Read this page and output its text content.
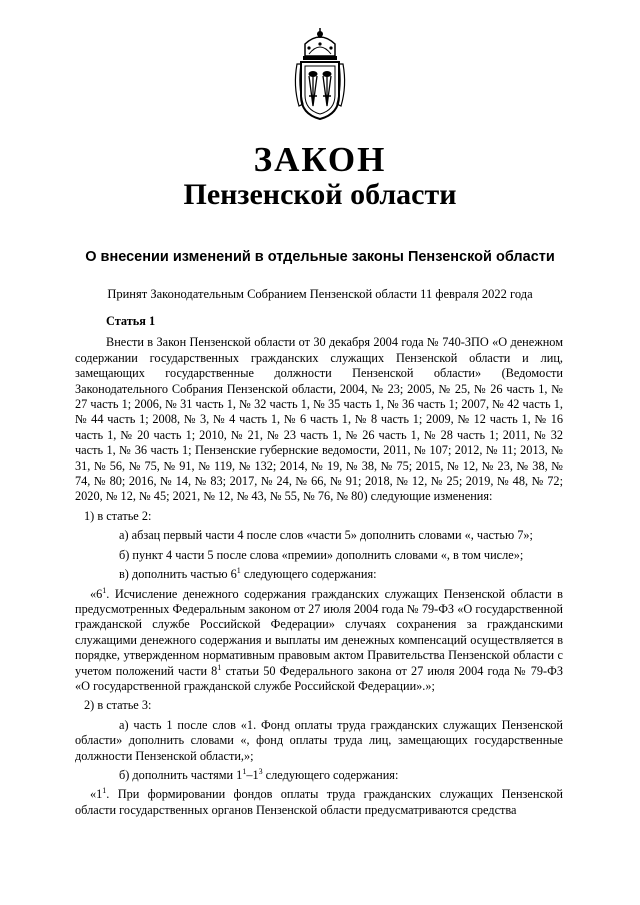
ЗАКОН
Пензенской области
О внесении изменений в отдельные законы Пензенской области
Принят Законодательным Собранием Пензенской области 11 февраля 2022 года

Статья 1

Внести в Закон Пензенской области от 30 декабря 2004 года № 740-ЗПО «О денежном содержании государственных гражданских служащих Пензенской области и лиц, замещающих государственные должности Пензенской области» (Ведомости Законодательного Собрания Пензенской области, 2004, № 23; 2005, № 25, № 26 часть 1, № 27 часть 1; 2006, № 31 часть 1, № 32 часть 1, № 35 часть 1, № 36 часть 1; 2007, № 42 часть 1, № 44 часть 1; 2008, № 3, № 4 часть 1, № 6 часть 1, № 8 часть 1; 2009, № 12 часть 1, № 16 часть 1, № 20 часть 1; 2010, № 21, № 23 часть 1, № 26 часть 1, № 28 часть 1; 2011, № 32 часть 1, № 36 часть 1; Пензенские губернские ведомости, 2011, № 107; 2012, № 11; 2013, № 31, № 56, № 75, № 91, № 119, № 132; 2014, № 19, № 38, № 75; 2015, № 12, № 23, № 38, № 74, № 80; 2016, № 14, № 83; 2017, № 24, № 66, № 91; 2018, № 12, № 25; 2019, № 48, № 72; 2020, № 12, № 45; 2021, № 12, № 43, № 55, № 76, № 80) следующие изменения:

1) в статье 2:

а) абзац первый части 4 после слов «части 5» дополнить словами «, частью 7»;

б) пункт 4 части 5 после слова «премии» дополнить словами «, в том числе»;

в) дополнить частью $6^1$ следующего содержания:

«$6^1$. Исчисление денежного содержания гражданских служащих Пензенской области в предусмотренных Федеральным законом от 27 июля 2004 года № 79-ФЗ «О государственной гражданской службе Российской Федерации» случаях сохранения за гражданскими служащими денежного содержания и выплаты им денежных компенсаций осуществляется в порядке, утвержденном нормативным правовым актом Правительства Пензенской области с учетом положений части $8^1$ статьи 50 Федерального закона от 27 июля 2004 года № 79-ФЗ «О государственной гражданской службе Российской Федерации».»;

2) в статье 3:

а) часть 1 после слов «1. Фонд оплаты труда гражданских служащих Пензенской области» дополнить словами «, фонд оплаты труда лиц, замещающих государственные должности Пензенской области,»;

б) дополнить частями $1^1-1^3$ следующего содержания:

«$1^1$. При формировании фондов оплаты труда гражданских служащих Пензенской области государственных органов Пензенской области предусматриваются средства
